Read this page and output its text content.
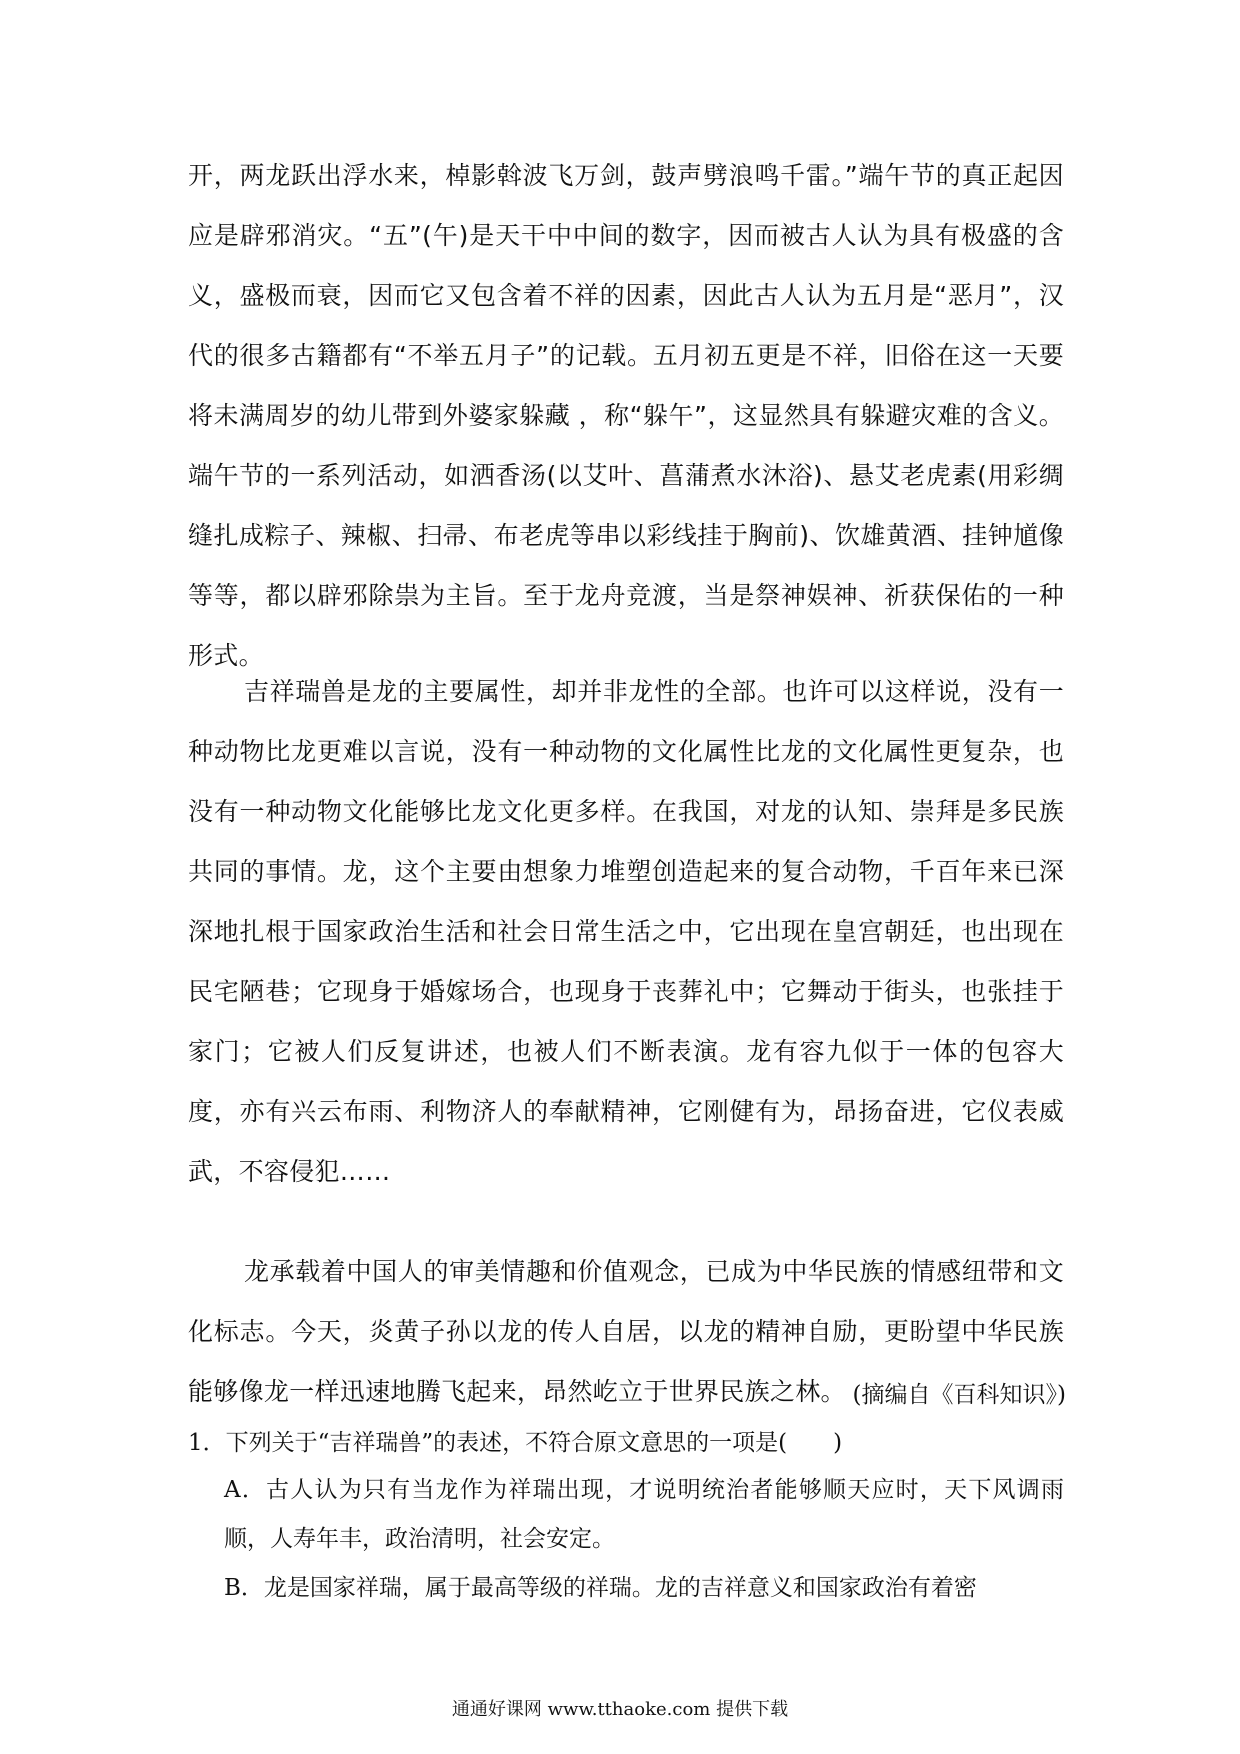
开，两龙跃出浮水来，棹影斡波飞万剑，鼓声劈浪鸣千雷。”端午节的真正起因应是辟邪消灾。“五”(午)是天干中中间的数字，因而被古人认为具有极盛的含义，盛极而衰，因而它又包含着不祥的因素，因此古人认为五月是“恶月”，汉代的很多古籍都有“不举五月子”的记载。五月初五更是不祥，旧俗在这一天要将未满周岁的幼儿带到外婆家躲藏 ，称“躲午”，这显然具有躲避灾难的含义。端午节的一系列活动，如洒香汤(以艾叶、菖蒲煮水沐浴)、悬艾老虎素(用彩绸缝扎成粽子、辣椒、扫帚、布老虎等串以彩线挂于胸前)、饮雄黄酒、挂钟馗像等等，都以辟邪除祟为主旨。至于龙舟竞渡，当是祭神娱神、祈获保佑的一种形式。

吉祥瑞兽是龙的主要属性，却并非龙性的全部。也许可以这样说，没有一种动物比龙更难以言说，没有一种动物的文化属性比龙的文化属性更复杂，也没有一种动物文化能够比龙文化更多样。在我国，对龙的认知、崇拜是多民族共同的事情。龙，这个主要由想象力堆塑创造起来的复合动物，千百年来已深深地扎根于国家政治生活和社会日常生活之中，它出现在皇宫朝廷，也出现在民宅陋巷；它现身于婚嫁场合，也现身于丧葬礼中；它舞动于街头，也张挂于家门；它被人们反复讲述，也被人们不断表演。龙有容九似于一体的包容大度，亦有兴云布雨、利物济人的奉献精神，它刚健有为，昂扬奋进，它仪表威武，不容侵犯……

龙承载着中国人的审美情趣和价值观念，已成为中华民族的情感纽带和文化标志。今天，炎黄子孙以龙的传人自居，以龙的精神自励，更盼望中华民族能够像龙一样迅速地腾飞起来，昂然屹立于世界民族之林。 (摘编自《百科知识》)

1．下列关于“吉祥瑞兽”的表述，不符合原文意思的一项是(　　)

A．古人认为只有当龙作为祥瑞出现，才说明统治者能够顺天应时，天下风调雨顺，人寿年丰，政治清明，社会安定。

B．龙是国家祥瑞，属于最高等级的祥瑞。龙的吉祥意义和国家政治有着密

通通好课网 www.tthaoke.com 提供下载
